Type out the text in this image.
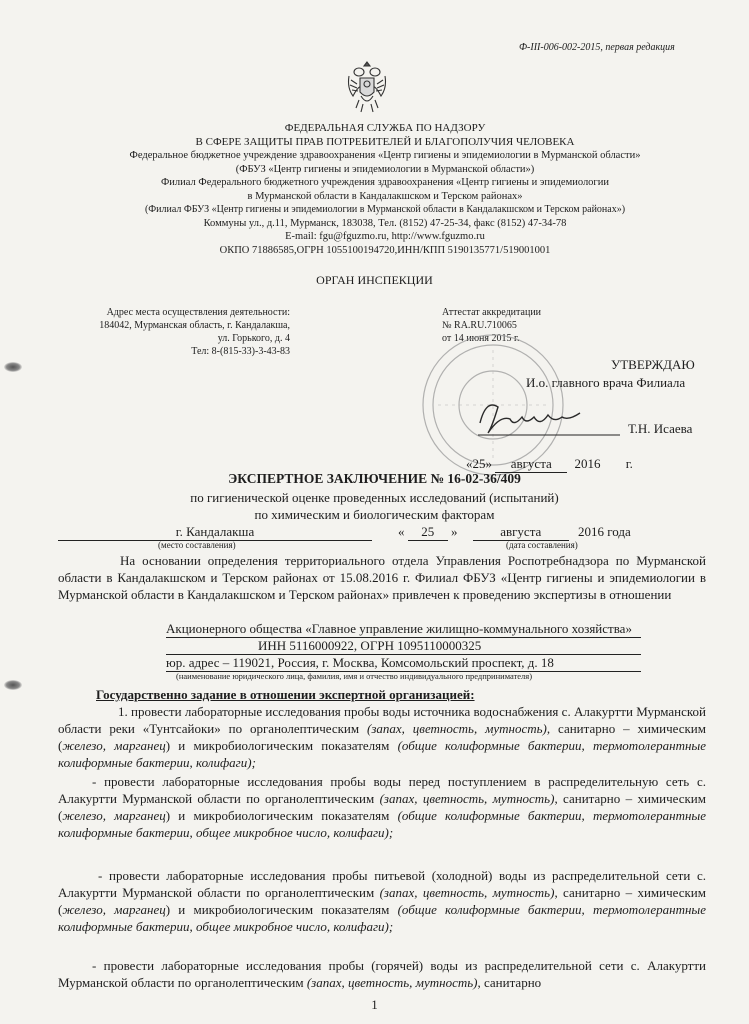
Ф-III-006-002-2015, первая редакция
ФЕДЕРАЛЬНАЯ СЛУЖБА ПО НАДЗОРУ
В СФЕРЕ ЗАЩИТЫ ПРАВ ПОТРЕБИТЕЛЕЙ И БЛАГОПОЛУЧИЯ ЧЕЛОВЕКА
Федеральное бюджетное учреждение здравоохранения «Центр гигиены и эпидемиологии в Мурманской области»
(ФБУЗ «Центр гигиены и эпидемиологии в Мурманской области»)
Филиал Федерального бюджетного учреждения здравоохранения «Центр гигиены и эпидемиологии
в Мурманской области в Кандалакшском и Терском районах»
(Филиал ФБУЗ «Центр гигиены и эпидемиологии в Мурманской области в Кандалакшском и Терском районах»)
Коммуны ул., д.11, Мурманск, 183038, Тел. (8152) 47-25-34, факс (8152) 47-34-78
E-mail: fgu@fguzmo.ru, http://www.fguzmo.ru
ОКПО 71886585,ОГРН 1055100194720,ИНН/КПП 5190135771/519001001
ОРГАН ИНСПЕКЦИИ
Адрес места осуществления деятельности:
184042, Мурманская область, г. Кандалакша,
ул. Горького, д. 4
Тел: 8-(815-33)-3-43-83
Аттестат аккредитации
№ RA.RU.710065
от 14 июня 2015 г.
УТВЕРЖДАЮ
И.о. главного врача Филиала
Т.Н. Исаева
«25» августа 2016 г.
ЭКСПЕРТНОЕ ЗАКЛЮЧЕНИЕ № 16-02-36/409
по гигиенической оценке проведенных исследований (испытаний)
по химическим и биологическим факторам
г. Кандалакша
(место составления)
« 25 »	августа	2016 года
(дата составления)
На основании определения территориального отдела Управления Роспотребнадзора по Мурманской области в Кандалакшском и Терском районах от 15.08.2016 г. Филиал ФБУЗ «Центр гигиены и эпидемиологии в Мурманской области в Кандалакшском и Терском районах» привлечен к проведению экспертизы в отношении
Акционерного общества «Главное управление жилищно-коммунального хозяйства»
ИНН 5116000922, ОГРН 1095110000325
юр. адрес – 119021, Россия, г. Москва, Комсомольский проспект, д. 18
(наименование юридического лица, фамилия, имя и отчество индивидуального предпринимателя)
Государственно задание в отношении экспертной организацией:
1. провести лабораторные исследования пробы воды источника водоснабжения с. Алакуртти Мурманской области реки «Тунтсайоки» по органолептическим (запах, цветность, мутность), санитарно – химическим (железо, марганец) и микробиологическим показателям (общие колиформные бактерии, термотолерантные колиформные бактерии, колифаги);
- провести лабораторные исследования пробы воды перед поступлением в распределительную сеть с. Алакуртти Мурманской области по органолептическим (запах, цветность, мутность), санитарно – химическим (железо, марганец) и микробиологическим показателям (общие колиформные бактерии, термотолерантные колиформные бактерии, общее микробное число, колифаги);
- провести лабораторные исследования пробы питьевой (холодной) воды из распределительной сети с. Алакуртти Мурманской области по органолептическим (запах, цветность, мутность), санитарно – химическим (железо, марганец) и микробиологическим показателям (общие колиформные бактерии, термотолерантные колиформные бактерии, общее микробное число, колифаги);
- провести лабораторные исследования пробы (горячей) воды из распределительной сети с. Алакуртти Мурманской области по органолептическим (запах, цветность, мутность), санитарно
1
